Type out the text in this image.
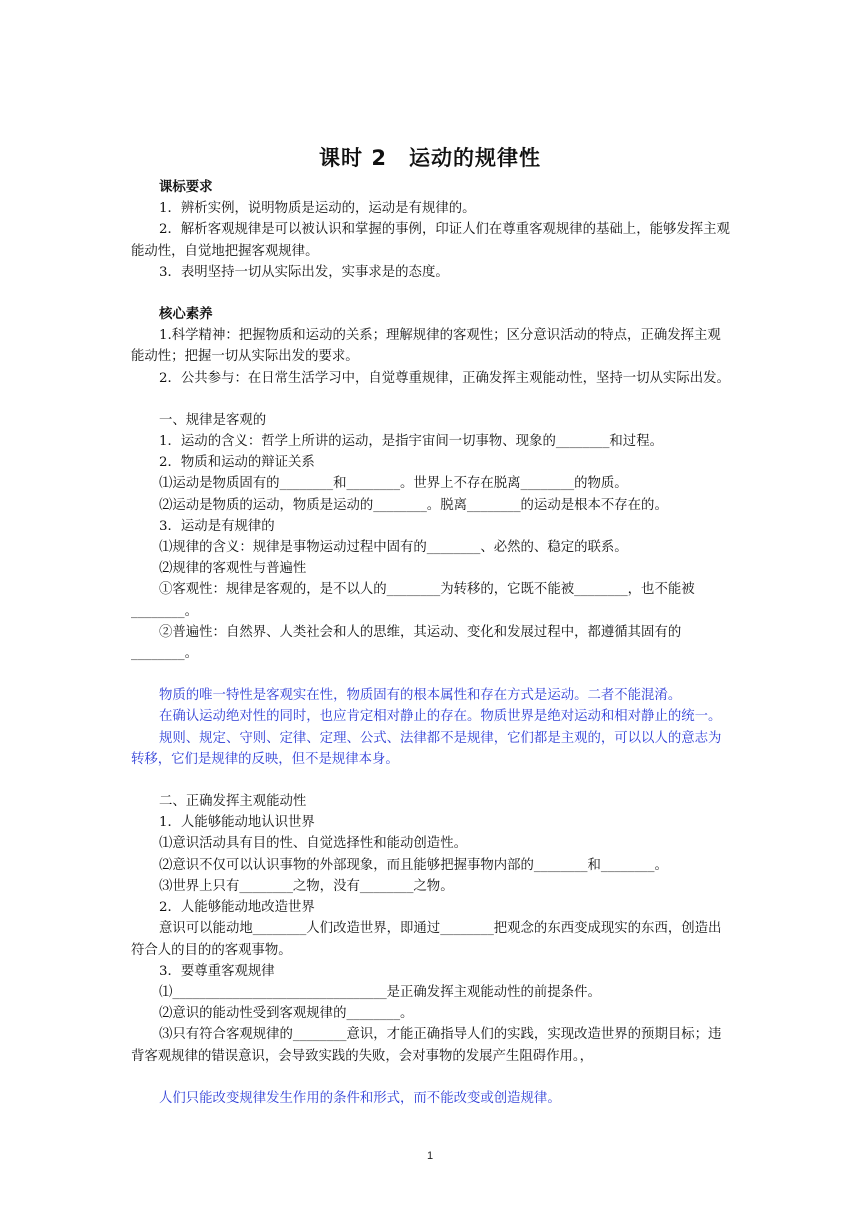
课时 2　运动的规律性

课标要求

1．辨析实例，说明物质是运动的，运动是有规律的。

2．解析客观规律是可以被认识和掌握的事例，印证人们在尊重客观规律的基础上，能够发挥主观能动性，自觉地把握客观规律。

3．表明坚持一切从实际出发，实事求是的态度。

核心素养

1.科学精神：把握物质和运动的关系；理解规律的客观性；区分意识活动的特点，正确发挥主观能动性；把握一切从实际出发的要求。

2．公共参与：在日常生活学习中，自觉尊重规律，正确发挥主观能动性，坚持一切从实际出发。

一、规律是客观的

1．运动的含义：哲学上所讲的运动，是指宇宙间一切事物、现象的________和过程。

2．物质和运动的辩证关系

⑴运动是物质固有的________和________。世界上不存在脱离________的物质。

⑵运动是物质的运动，物质是运动的________。脱离________的运动是根本不存在的。

3．运动是有规律的

⑴规律的含义：规律是事物运动过程中固有的________、必然的、稳定的联系。

⑵规律的客观性与普遍性

①客观性：规律是客观的，是不以人的________为转移的，它既不能被________，也不能被________。

②普遍性：自然界、人类社会和人的思维，其运动、变化和发展过程中，都遵循其固有的________。

物质的唯一特性是客观实在性，物质固有的根本属性和存在方式是运动。二者不能混淆。

在确认运动绝对性的同时，也应肯定相对静止的存在。物质世界是绝对运动和相对静止的统一。

规则、规定、守则、定律、定理、公式、法律都不是规律，它们都是主观的，可以以人的意志为转移，它们是规律的反映，但不是规律本身。

二、正确发挥主观能动性

1．人能够能动地认识世界

⑴意识活动具有目的性、自觉选择性和能动创造性。

⑵意识不仅可以认识事物的外部现象，而且能够把握事物内部的________和________。

⑶世界上只有________之物，没有________之物。

2．人能够能动地改造世界

意识可以能动地________人们改造世界，即通过________把观念的东西变成现实的东西，创造出符合人的目的的客观事物。

3．要尊重客观规律

⑴________________________________是正确发挥主观能动性的前提条件。

⑵意识的能动性受到客观规律的________。

⑶只有符合客观规律的________意识，才能正确指导人们的实践，实现改造世界的预期目标；违背客观规律的错误意识，会导致实践的失败，会对事物的发展产生阻碍作用。，

人们只能改变规律发生作用的条件和形式，而不能改变或创造规律。

1
